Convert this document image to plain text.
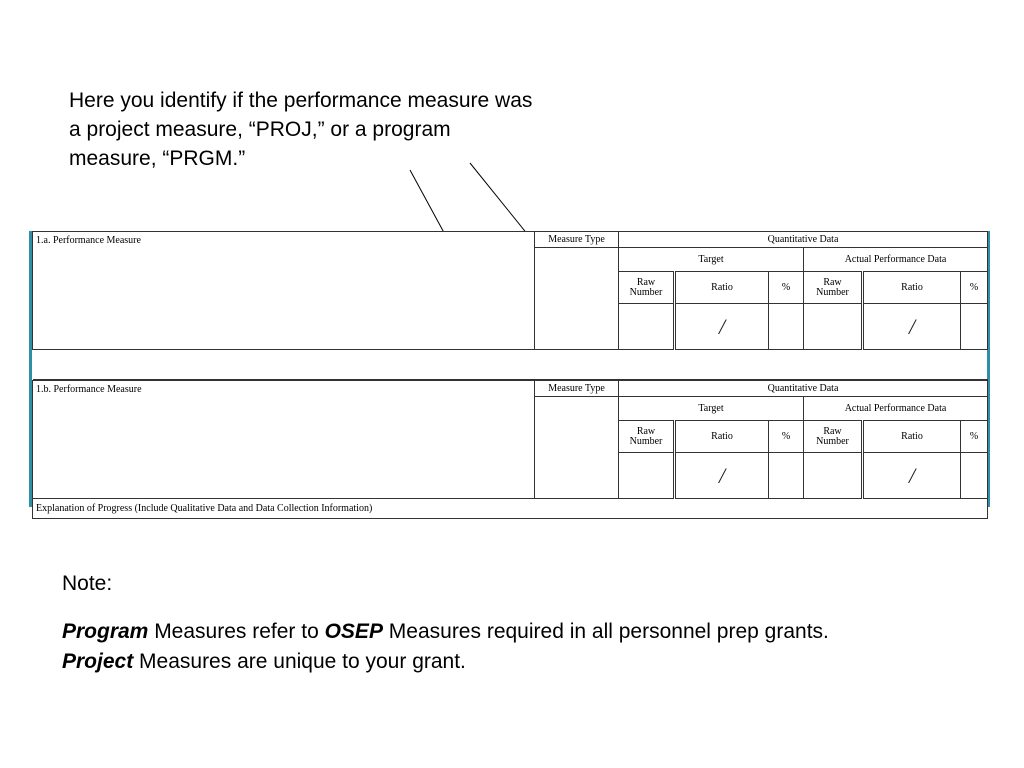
Here you identify if the performance measure was
a project measure, “PROJ,” or a program
measure, “PRGM.”
1.a. Performance Measure	Measure Type	Quantitative Data					
		Target			Actual Performance Data		
		Raw Number	Ratio	%	Raw Number	Ratio	%
			/			/	

1.b. Performance Measure	Measure Type	Quantitative Data					
		Target			Actual Performance Data		
		Raw Number	Ratio	%	Raw Number	Ratio	%
			/			/	
Explanation of Progress (Include Qualitative Data and Data Collection Information)							
Note:
Program Measures refer to OSEP Measures required in all personnel prep grants. Project Measures are unique to your grant.
